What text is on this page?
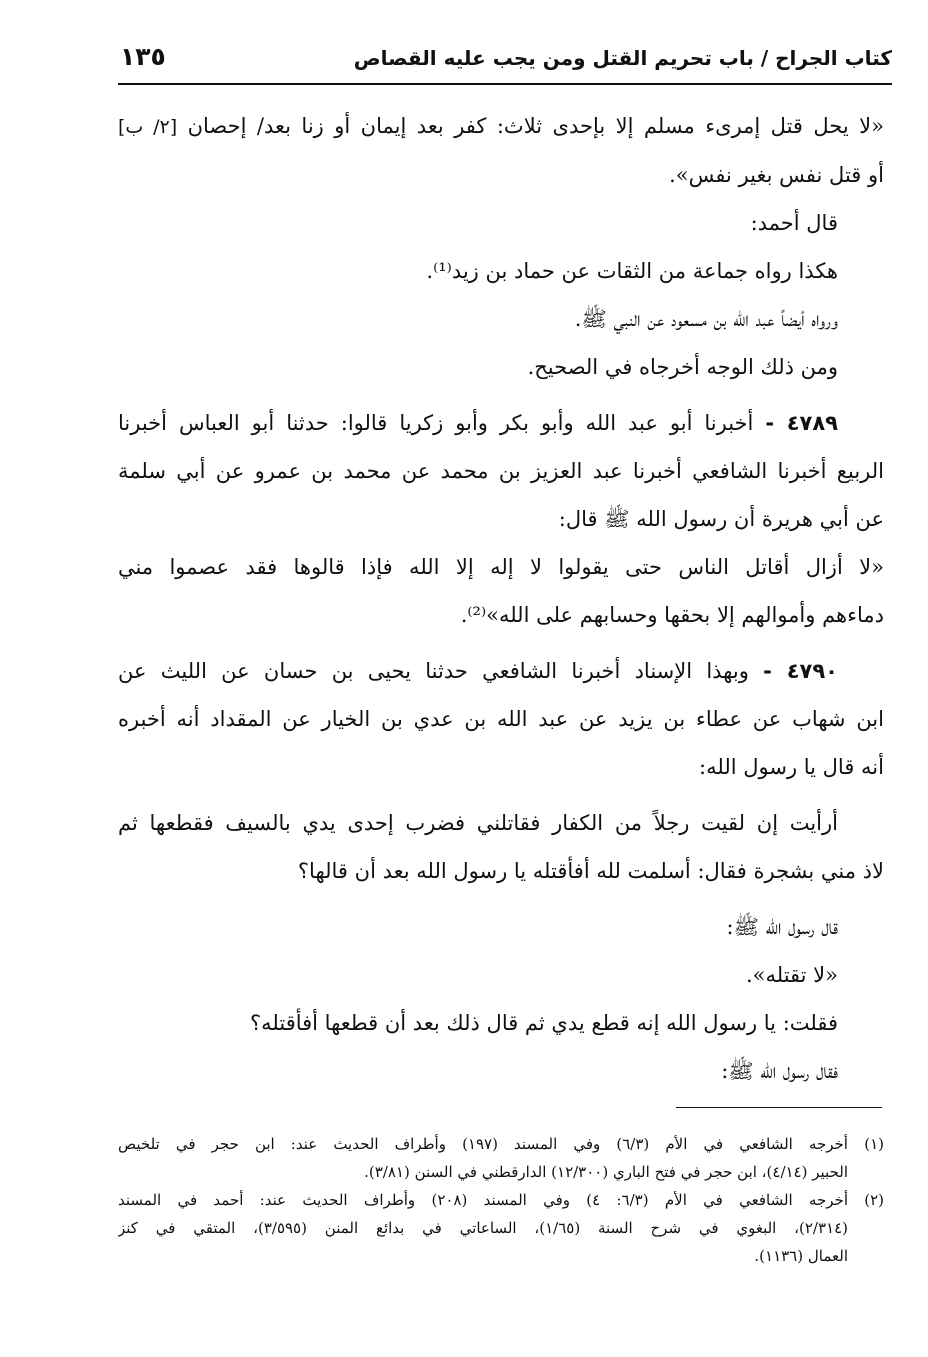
كتاب الجراح / باب تحريم القتل ومن يجب عليه القصاص
١٣٥
«لا يحل قتل إمرىء مسلم إلا بإحدى ثلاث: كفر بعد إيمان أو زنا بعد/ إحصان [٢/ ب]
أو قتل نفس بغير نفس».
قال أحمد:
هكذا رواه جماعة من الثقات عن حماد بن زيد⁽¹⁾.
ورواه أيضاً عبد الله بن مسعود عن النبي ﷺ.
ومن ذلك الوجه أخرجاه في الصحيح.
٤٧٨٩ - أخبرنا أبو عبد الله وأبو بكر وأبو زكريا قالوا: حدثنا أبو العباس أخبرنا
الربيع أخبرنا الشافعي أخبرنا عبد العزيز بن محمد عن محمد بن عمرو عن أبي سلمة
عن أبي هريرة أن رسول الله ﷺ قال:
«لا أزال أقاتل الناس حتى يقولوا لا إله إلا الله فإذا قالوها فقد عصموا مني
دماءهم وأموالهم إلا بحقها وحسابهم على الله»⁽²⁾.
٤٧٩٠ - وبهذا الإسناد أخبرنا الشافعي حدثنا يحيى بن حسان عن الليث عن
ابن شهاب عن عطاء بن يزيد عن عبد الله بن عدي بن الخيار عن المقداد أنه أخبره
أنه قال يا رسول الله:
أرأيت إن لقيت رجلاً من الكفار فقاتلني فضرب إحدى يدي بالسيف فقطعها ثم
لاذ مني بشجرة فقال: أسلمت لله أفأقتله يا رسول الله بعد أن قالها؟
قال رسول الله ﷺ:
«لا تقتله».
فقلت: يا رسول الله إنه قطع يدي ثم قال ذلك بعد أن قطعها أفأقتله؟
فقال رسول الله ﷺ:
(١)
أخرجه الشافعي في الأم (٦/٣) وفي المسند (١٩٧) وأطراف الحديث عند: ابن حجر في تلخيص
الحبير (٤/١٤)، ابن حجر في فتح الباري (١٢/٣٠٠) الدارقطني في السنن (٣/٨١).
(٢)
أخرجه الشافعي في الأم (٦/٣: ٤) وفي المسند (٢٠٨) وأطراف الحديث عند: أحمد في المسند
(٢/٣١٤)، البغوي في شرح السنة (١/٦٥)، الساعاتي في بدائع المنن (٣/٥٩٥)، المتقي في كنز
العمال (١١٣٦).
